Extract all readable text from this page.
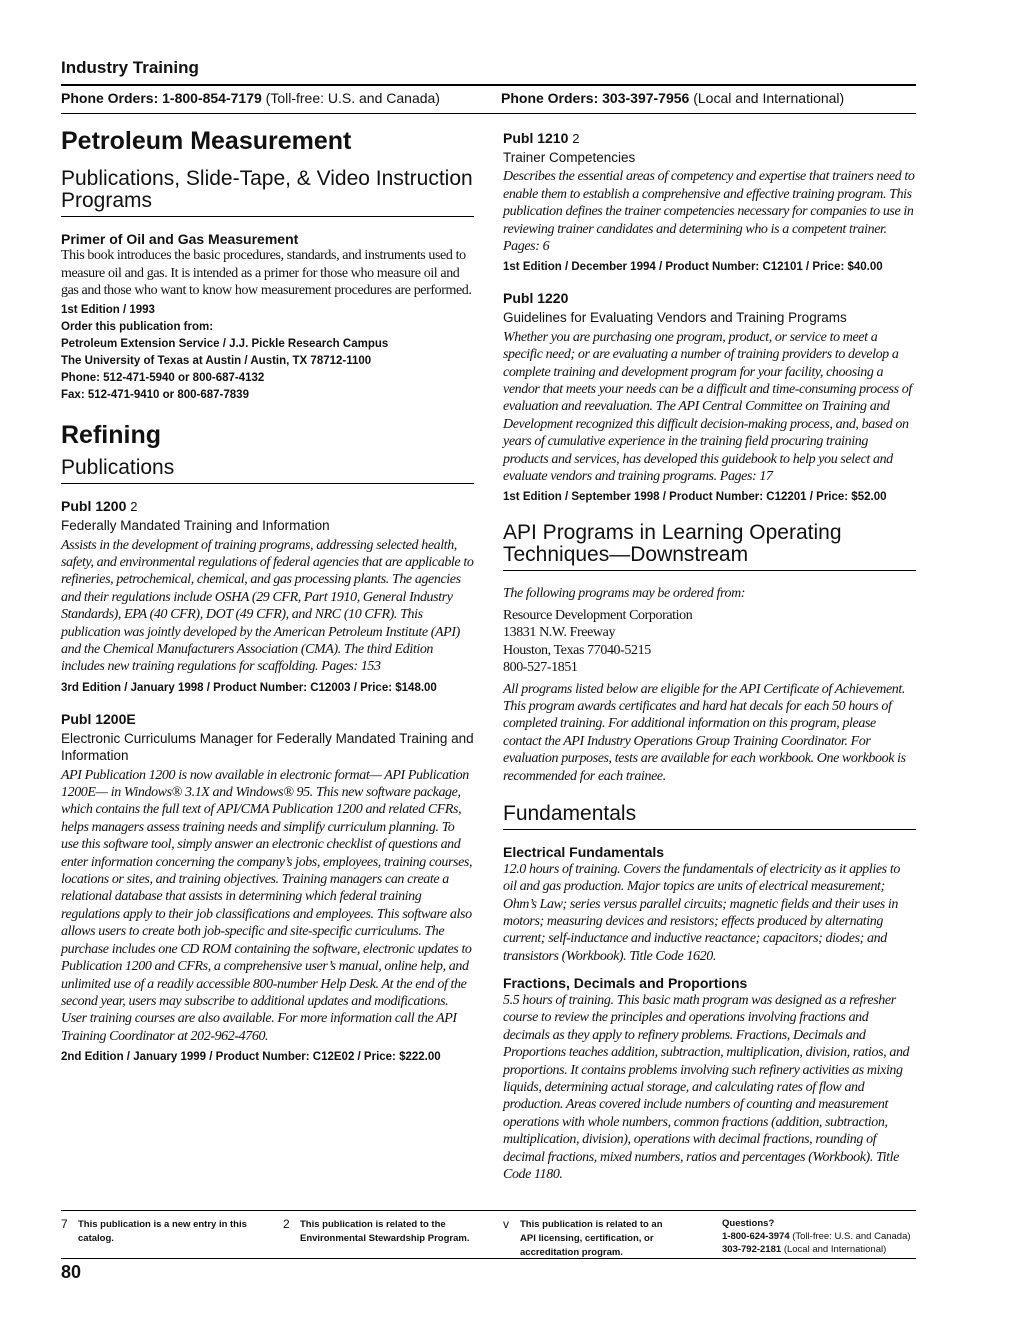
Industry Training
Phone Orders: 1-800-854-7179 (Toll-free: U.S. and Canada)	Phone Orders: 303-397-7956 (Local and International)
Petroleum Measurement
Publications, Slide-Tape, & Video Instruction Programs

Primer of Oil and Gas Measurement

This book introduces the basic procedures, standards, and instruments used to measure oil and gas. It is intended as a primer for those who measure oil and gas and those who want to know how measurement procedures are performed.

1st Edition / 1993
Order this publication from:
Petroleum Extension Service / J.J. Pickle Research Campus
The University of Texas at Austin / Austin, TX 78712-1100
Phone: 512-471-5940 or 800-687-4132
Fax: 512-471-9410 or 800-687-7839
Refining
Publications

Publ 1200 2

Federally Mandated Training and Information

Assists in the development of training programs, addressing selected health, safety, and environmental regulations of federal agencies that are applicable to refineries, petrochemical, chemical, and gas processing plants. The agencies and their regulations include OSHA (29 CFR, Part 1910, General Industry Standards), EPA (40 CFR), DOT (49 CFR), and NRC (10 CFR). This publication was jointly developed by the American Petroleum Institute (API) and the Chemical Manufacturers Association (CMA). The third Edition includes new training regulations for scaffolding. Pages: 153

3rd Edition / January 1998 / Product Number: C12003 / Price: $148.00

Publ 1200E

Electronic Curriculums Manager for Federally Mandated Training and Information

API Publication 1200 is now available in electronic format— API Publication 1200E— in Windows® 3.1X and Windows® 95. This new software package, which contains the full text of API/CMA Publication 1200 and related CFRs, helps managers assess training needs and simplify curriculum planning. To use this software tool, simply answer an electronic checklist of questions and enter information concerning the company’s jobs, employees, training courses, locations or sites, and training objectives. Training managers can create a relational database that assists in determining which federal training regulations apply to their job classifications and employees. This software also allows users to create both job-specific and site-specific curriculums. The purchase includes one CD ROM containing the software, electronic updates to Publication 1200 and CFRs, a comprehensive user’s manual, online help, and unlimited use of a readily accessible 800-number Help Desk. At the end of the second year, users may subscribe to additional updates and modifications. User training courses are also available. For more information call the API Training Coordinator at 202-962-4760.

2nd Edition / January 1999 / Product Number: C12E02 / Price: $222.00

Publ 1210 2

Trainer Competencies

Describes the essential areas of competency and expertise that trainers need to enable them to establish a comprehensive and effective training program. This publication defines the trainer competencies necessary for companies to use in reviewing trainer candidates and determining who is a competent trainer. Pages: 6

1st Edition / December 1994 / Product Number: C12101 / Price: $40.00

Publ 1220

Guidelines for Evaluating Vendors and Training Programs

Whether you are purchasing one program, product, or service to meet a specific need; or are evaluating a number of training providers to develop a complete training and development program for your facility, choosing a vendor that meets your needs can be a difficult and time-consuming process of evaluation and reevaluation. The API Central Committee on Training and Development recognized this difficult decision-making process, and, based on years of cumulative experience in the training field procuring training products and services, has developed this guidebook to help you select and evaluate vendors and training programs. Pages: 17

1st Edition / September 1998 / Product Number: C12201 / Price: $52.00

API Programs in Learning Operating Techniques—Downstream

The following programs may be ordered from:

Resource Development Corporation
13831 N.W. Freeway
Houston, Texas 77040-5215
800-527-1851

All programs listed below are eligible for the API Certificate of Achievement. This program awards certificates and hard hat decals for each 50 hours of completed training. For additional information on this program, please contact the API Industry Operations Group Training Coordinator. For evaluation purposes, tests are available for each workbook. One workbook is recommended for each trainee.

Fundamentals

Electrical Fundamentals

12.0 hours of training. Covers the fundamentals of electricity as it applies to oil and gas production. Major topics are units of electrical measurement; Ohm’s Law; series versus parallel circuits; magnetic fields and their uses in motors; measuring devices and resistors; effects produced by alternating current; self-inductance and inductive reactance; capacitors; diodes; and transistors (Workbook). Title Code 1620.

Fractions, Decimals and Proportions

5.5 hours of training. This basic math program was designed as a refresher course to review the principles and operations involving fractions and decimals as they apply to refinery problems. Fractions, Decimals and Proportions teaches addition, subtraction, multiplication, division, ratios, and proportions. It contains problems involving such refinery activities as mixing liquids, determining actual storage, and calculating rates of flow and production. Areas covered include numbers of counting and measurement operations with whole numbers, common fractions (addition, subtraction, multiplication, division), operations with decimal fractions, rounding of decimal fractions, mixed numbers, ratios and percentages (Workbook). Title Code 1180.

7 This publication is a new entry in this catalog.
2 This publication is related to the Environmental Stewardship Program.
v This publication is related to an API licensing, certification, or accreditation program.
Questions?
1-800-624-3974 (Toll-free: U.S. and Canada)
303-792-2181 (Local and International)
80
